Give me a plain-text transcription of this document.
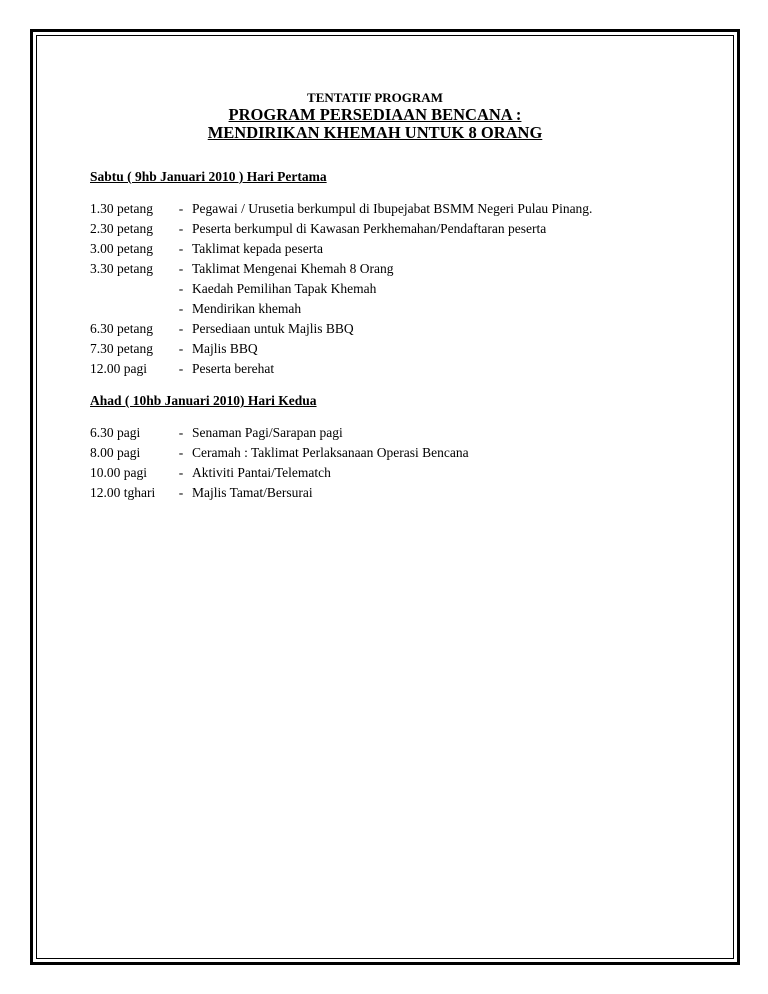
TENTATIF PROGRAM
PROGRAM PERSEDIAAN BENCANA :
MENDIRIKAN KHEMAH UNTUK 8 ORANG
Sabtu ( 9hb Januari 2010 ) Hari Pertama
1.30 petang	- Pegawai / Urusetia berkumpul di Ibupejabat BSMM Negeri Pulau Pinang.
2.30 petang	- Peserta berkumpul di Kawasan Perkhemahan/Pendaftaran peserta
3.00 petang	- Taklimat kepada peserta
3.30 petang	- Taklimat Mengenai Khemah 8 Orang
- Kaedah Pemilihan Tapak Khemah
- Mendirikan khemah
6.30 petang	- Persediaan untuk Majlis BBQ
7.30 petang	- Majlis BBQ
12.00 pagi	- Peserta berehat
Ahad ( 10hb Januari 2010) Hari Kedua
6.30 pagi	- Senaman Pagi/Sarapan pagi
8.00 pagi	- Ceramah : Taklimat Perlaksanaan Operasi Bencana
10.00 pagi	- Aktiviti Pantai/Telematch
12.00 tghari	- Majlis Tamat/Bersurai
